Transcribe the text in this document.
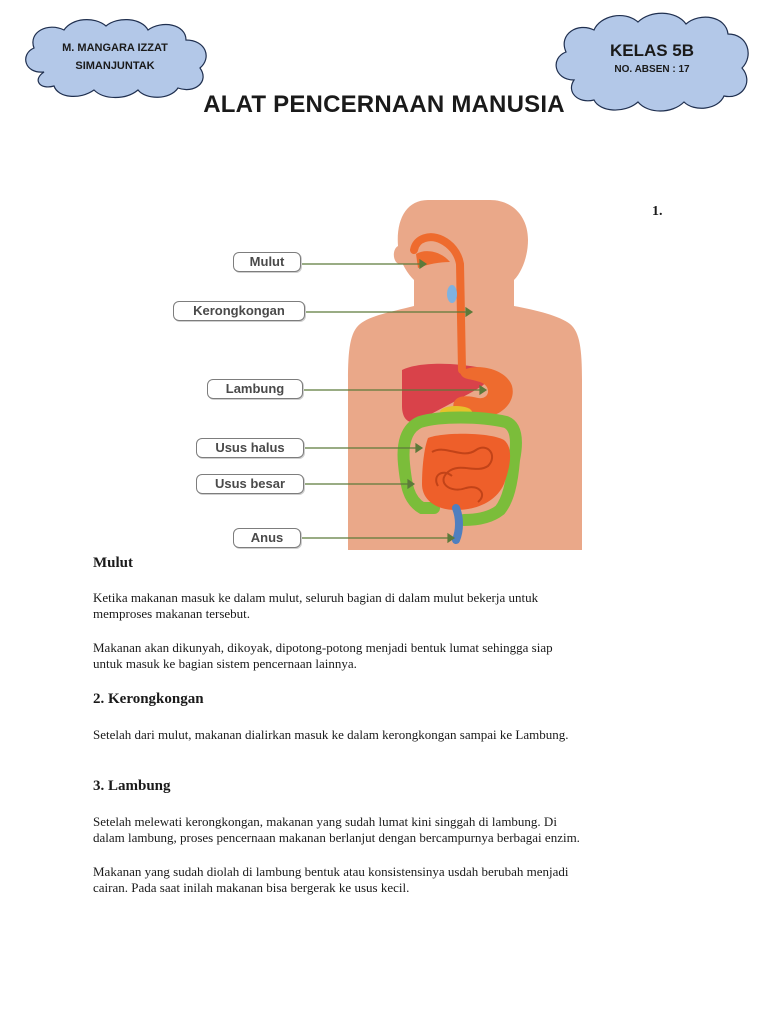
M. MANGARA IZZAT
SIMANJUNTAK
KELAS 5B
NO. ABSEN : 17
ALAT PENCERNAAN MANUSIA
1.
Mulut
Kerongkongan
Lambung
Usus halus
Usus besar
Anus
Mulut
Ketika makanan masuk ke dalam mulut, seluruh bagian di dalam mulut bekerja untuk
memproses makanan tersebut.
Makanan akan dikunyah, dikoyak, dipotong-potong menjadi bentuk lumat sehingga siap
untuk masuk ke bagian sistem pencernaan lainnya.
2. Kerongkongan
Setelah dari mulut, makanan dialirkan masuk ke dalam kerongkongan sampai ke Lambung.
3. Lambung
Setelah melewati kerongkongan, makanan yang sudah lumat kini singgah di lambung. Di
dalam lambung, proses pencernaan makanan berlanjut dengan bercampurnya berbagai enzim.
Makanan yang sudah diolah di lambung bentuk atau konsistensinya usdah berubah menjadi
cairan. Pada saat inilah makanan bisa bergerak ke usus kecil.
